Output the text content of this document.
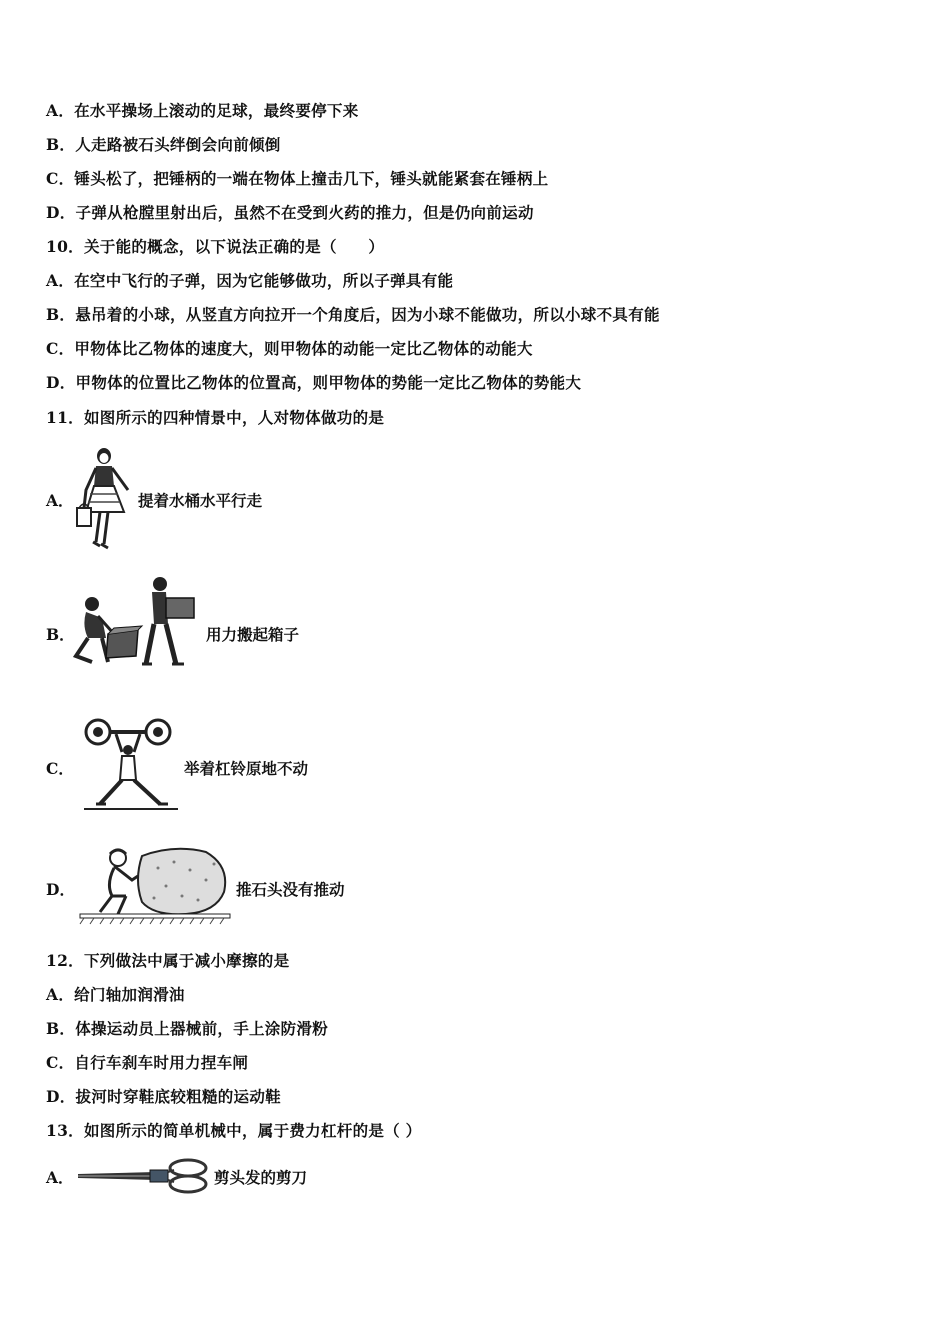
A．在水平操场上滚动的足球，最终要停下来
B．人走路被石头绊倒会向前倾倒
C．锤头松了，把锤柄的一端在物体上撞击几下，锤头就能紧套在锤柄上
D．子弹从枪膛里射出后，虽然不在受到火药的推力，但是仍向前运动
10．关于能的概念，以下说法正确的是（　　）
A．在空中飞行的子弹，因为它能够做功，所以子弹具有能
B．悬吊着的小球，从竖直方向拉开一个角度后，因为小球不能做功，所以小球不具有能
C．甲物体比乙物体的速度大，则甲物体的动能一定比乙物体的动能大
D．甲物体的位置比乙物体的位置高，则甲物体的势能一定比乙物体的势能大
11．如图所示的四种情景中，人对物体做功的是
A．	提着水桶水平行走
B．	用力搬起箱子
C．	举着杠铃原地不动
D．	推石头没有推动
12．下列做法中属于减小摩擦的是
A．给门轴加润滑油
B．体操运动员上器械前，手上涂防滑粉
C．自行车刹车时用力捏车闸
D．拔河时穿鞋底较粗糙的运动鞋
13．如图所示的简单机械中，属于费力杠杆的是（ ）
A．	剪头发的剪刀
